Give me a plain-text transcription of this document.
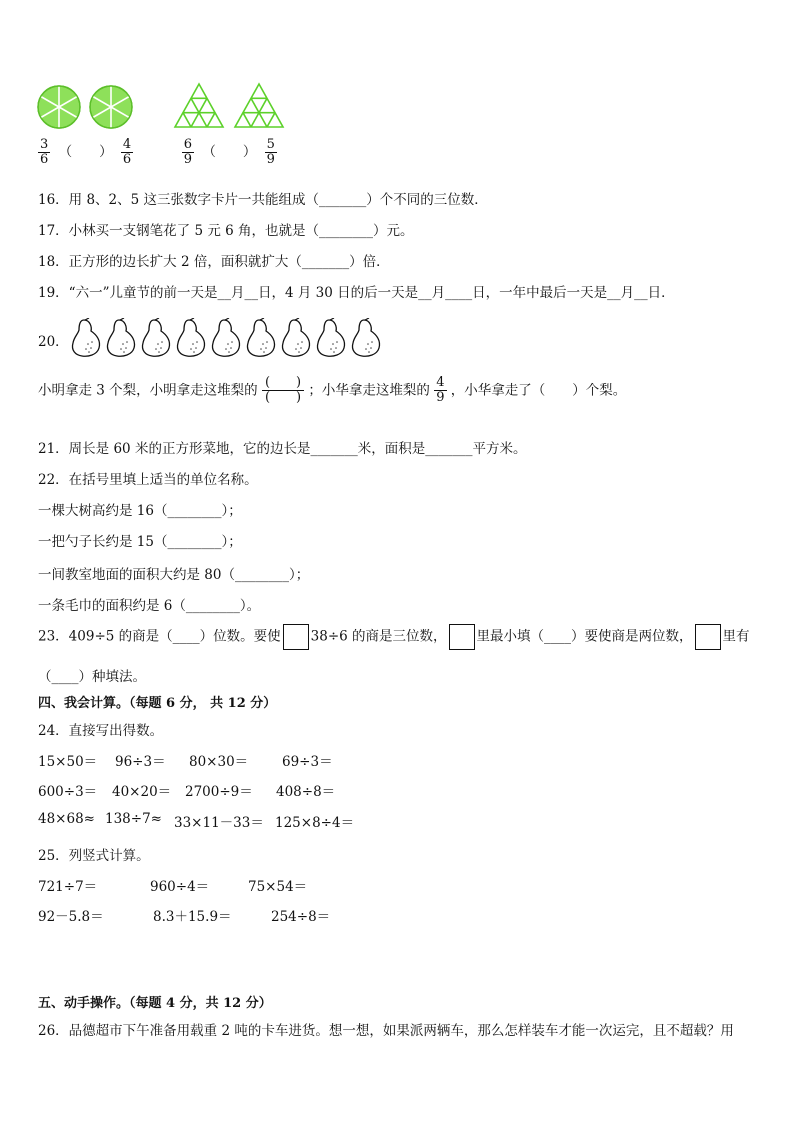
$\frac{3}{6}$ （　　） $\frac{4}{6}$
	$\frac{6}{9}$ （　　） $\frac{5}{9}$
16．用 8、2、5 这三张数字卡片一共能组成（_______）个不同的三位数．
17．小林买一支钢笔花了 5 元 6 角，也就是（________）元。
18．正方形的边长扩大 2 倍，面积就扩大（_______）倍．
19．“六一”儿童节的前一天是__月__日，4 月 30 日的后一天是__月____日，一年中最后一天是__月__日．
20．
小明拿走 3 个梨，小明拿走这堆梨的 $\frac{( )}{( )}$ ；小华拿走这堆梨的 $\frac{4}{9}$ ，小华拿走了（　　）个梨。
21．周长是 60 米的正方形菜地，它的边长是_______米，面积是_______平方米。
22．在括号里填上适当的单位名称。
一棵大树高约是 16（________）；
一把勺子长约是 15（________）；
一间教室地面的面积大约是 80（________）；
一条毛巾的面积约是 6（________）。
23．409÷5 的商是（____）位数。要使 38÷6 的商是三位数， 里最小填（____）要使商是两位数， 里有
（____）种填法。
四、我会计算。（每题 6 分， 共 12 分）
24．直接写出得数。
15×50＝ 96÷3＝ 80×30＝	69÷3＝
600÷3＝ 40×20＝ 2700÷9＝ 408÷8＝
48×68≈ 138÷7≈ 33×11－33＝ 125×8÷4＝
25．列竖式计算。
721÷7＝	960÷4＝	75×54＝
92－5.8＝	8.3＋15.9＝	254÷8＝
五、动手操作。（每题 4 分，共 12 分）
26．品德超市下午准备用载重 2 吨的卡车进货。想一想，如果派两辆车，那么怎样装车才能一次运完，且不超载？用
